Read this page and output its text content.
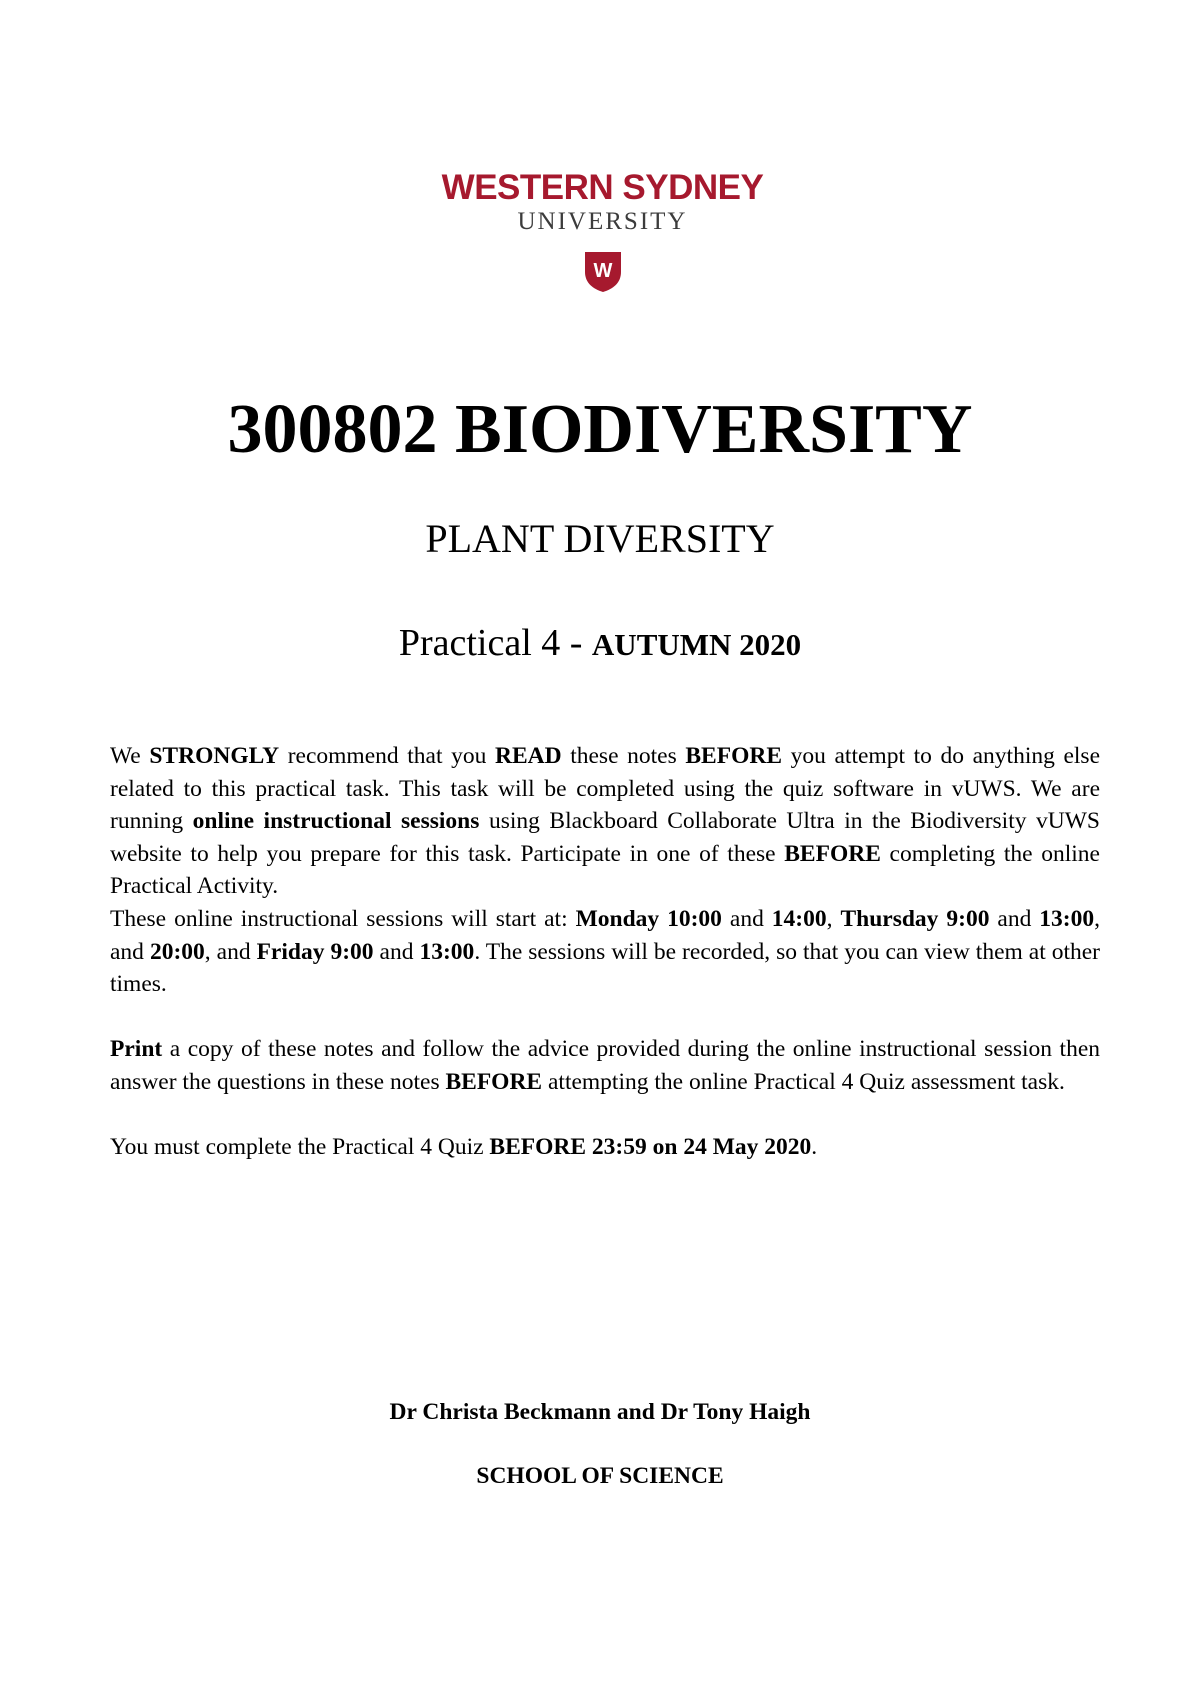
WESTERN SYDNEY
UNIVERSITY
W
300802 BIODIVERSITY
PLANT DIVERSITY
Practical 4 - AUTUMN 2020

We STRONGLY recommend that you READ these notes BEFORE you attempt to do anything else related to this practical task. This task will be completed using the quiz software in vUWS. We are running online instructional sessions using Blackboard Collaborate Ultra in the Biodiversity vUWS website to help you prepare for this task. Participate in one of these BEFORE completing the online Practical Activity.

These online instructional sessions will start at: Monday 10:00 and 14:00, Thursday 9:00 and 13:00, and 20:00, and Friday 9:00 and 13:00. The sessions will be recorded, so that you can view them at other times.

Print a copy of these notes and follow the advice provided during the online instructional session then answer the questions in these notes BEFORE attempting the online Practical 4 Quiz assessment task.

You must complete the Practical 4 Quiz BEFORE 23:59 on 24 May 2020.

Dr Christa Beckmann and Dr Tony Haigh
SCHOOL OF SCIENCE
